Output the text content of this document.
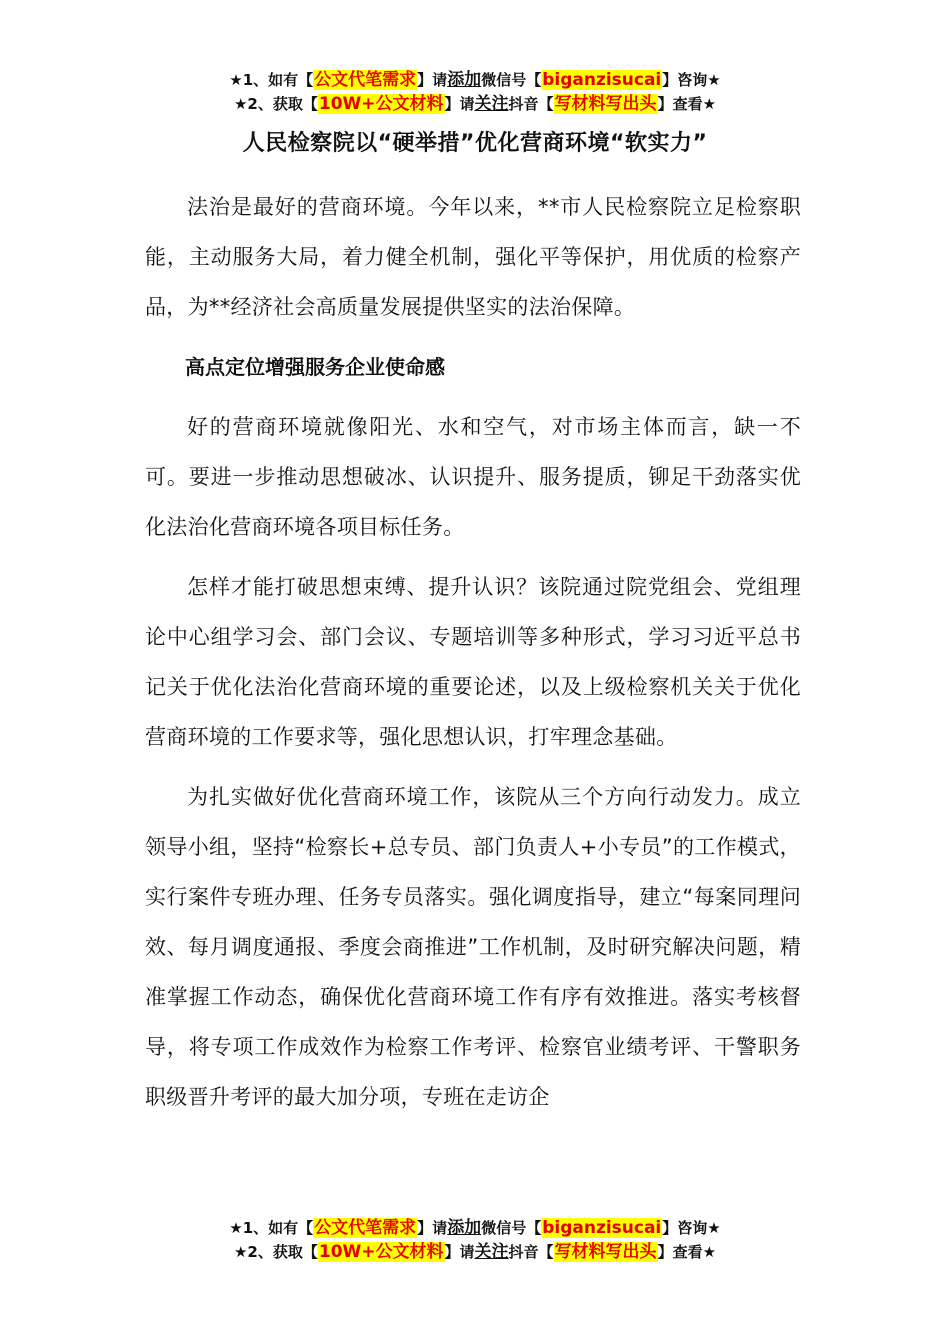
★1、如有【公文代笔需求】请添加微信号【biganzisucai】咨询★
★2、获取【10W+公文材料】请关注抖音【写材料写出头】查看★
人民检察院以“硬举措”优化营商环境“软实力”

法治是最好的营商环境。今年以来，**市人民检察院立足检察职能，主动服务大局，着力健全机制，强化平等保护，用优质的检察产品，为**经济社会高质量发展提供坚实的法治保障。

高点定位增强服务企业使命感

好的营商环境就像阳光、水和空气，对市场主体而言，缺一不可。要进一步推动思想破冰、认识提升、服务提质，铆足干劲落实优化法治化营商环境各项目标任务。

怎样才能打破思想束缚、提升认识？该院通过院党组会、党组理论中心组学习会、部门会议、专题培训等多种形式，学习习近平总书记关于优化法治化营商环境的重要论述，以及上级检察机关关于优化营商环境的工作要求等，强化思想认识，打牢理念基础。

为扎实做好优化营商环境工作，该院从三个方向行动发力。成立领导小组，坚持“检察长+总专员、部门负责人+小专员”的工作模式，实行案件专班办理、任务专员落实。强化调度指导，建立“每案同理问效、每月调度通报、季度会商推进”工作机制，及时研究解决问题，精准掌握工作动态，确保优化营商环境工作有序有效推进。落实考核督导，将专项工作成效作为检察工作考评、检察官业绩考评、干警职务职级晋升考评的最大加分项，专班在走访企

★1、如有【公文代笔需求】请添加微信号【biganzisucai】咨询★
★2、获取【10W+公文材料】请关注抖音【写材料写出头】查看★
